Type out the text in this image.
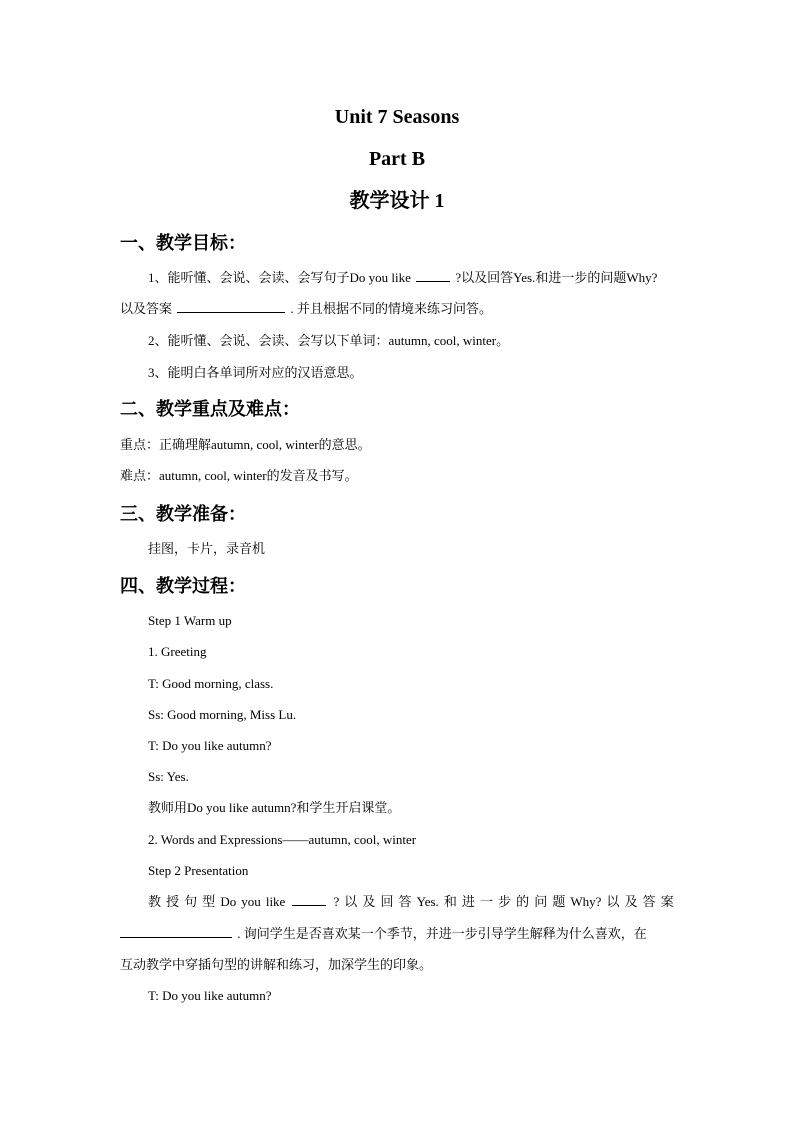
Unit 7 Seasons
Part B
教学设计 1
一、教学目标：
1、能听懂、会说、会读、会写句子Do you like	?以及回答Yes.和进一步的问题Why?
以及答案	. 并且根据不同的情境来练习问答。
2、能听懂、会说、会读、会写以下单词：autumn, cool, winter。
3、能明白各单词所对应的汉语意思。
二、教学重点及难点：
重点：正确理解autumn, cool, winter的意思。
难点：autumn, cool, winter的发音及书写。
三、教学准备：
挂图，卡片，录音机
四、教学过程：
Step 1 Warm up
1. Greeting
T: Good morning, class.
Ss: Good morning, Miss Lu.
T: Do you like autumn?
Ss: Yes.
教师用Do you like autumn?和学生开启课堂。
2. Words and Expressions——autumn, cool, winter
Step 2 Presentation
教 授 句 型 Do you like	? 以 及 回 答 Yes. 和 进 一 步 的 问 题 Why? 以 及 答 案
. 询问学生是否喜欢某一个季节，并进一步引导学生解释为什么喜欢，在
互动教学中穿插句型的讲解和练习，加深学生的印象。
T: Do you like autumn?
